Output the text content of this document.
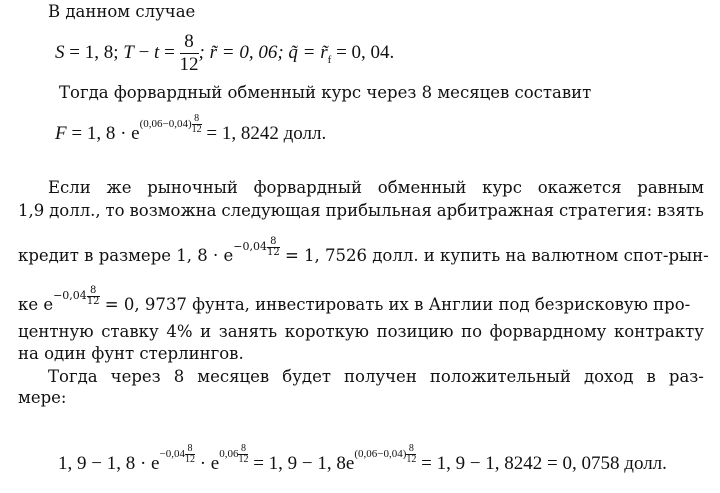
В данном случае
S = 1, 8; $T - t = \frac{8}{12}$ ; r̃ = 0, 06; q̃ = $r̃_f = 0$, 04.
Тогда форвардный обменный курс через 8 месяцев составит
F = 1, $8 \cdot e(0,06-0,04) \frac{8}{12} = 1$, 8242 долл.
Если же рыночный форвардный обменный курс окажется равным
1,9 долл., то возможна следующая прибыльная арбитражная стратегия: взять
кредит в размере 1, $8 \cdot e-0,04 \frac{8}{12} = 1$, 7526 долл. и купить на валютном спот-рын-
ке $e-0,04 \frac{8}{12} = 0$, 9737 фунта, инвестировать их в Англии под безрисковую про-
центную ставку 4% и занять короткую позицию по форвардному контракту
на один фунт стерлингов.
Тогда через 8 месяцев будет получен положительный доход в раз-
мере:
1, 9 − 1, $8 \cdot e-0,04 \frac{8}{12} \cdot e0,06 \frac{8}{12} = 1$, 9 − 1, $8e(0,06-0,04) \frac{8}{12} = 1$, 9 − 1, 8242 = 0, 0758 долл.
